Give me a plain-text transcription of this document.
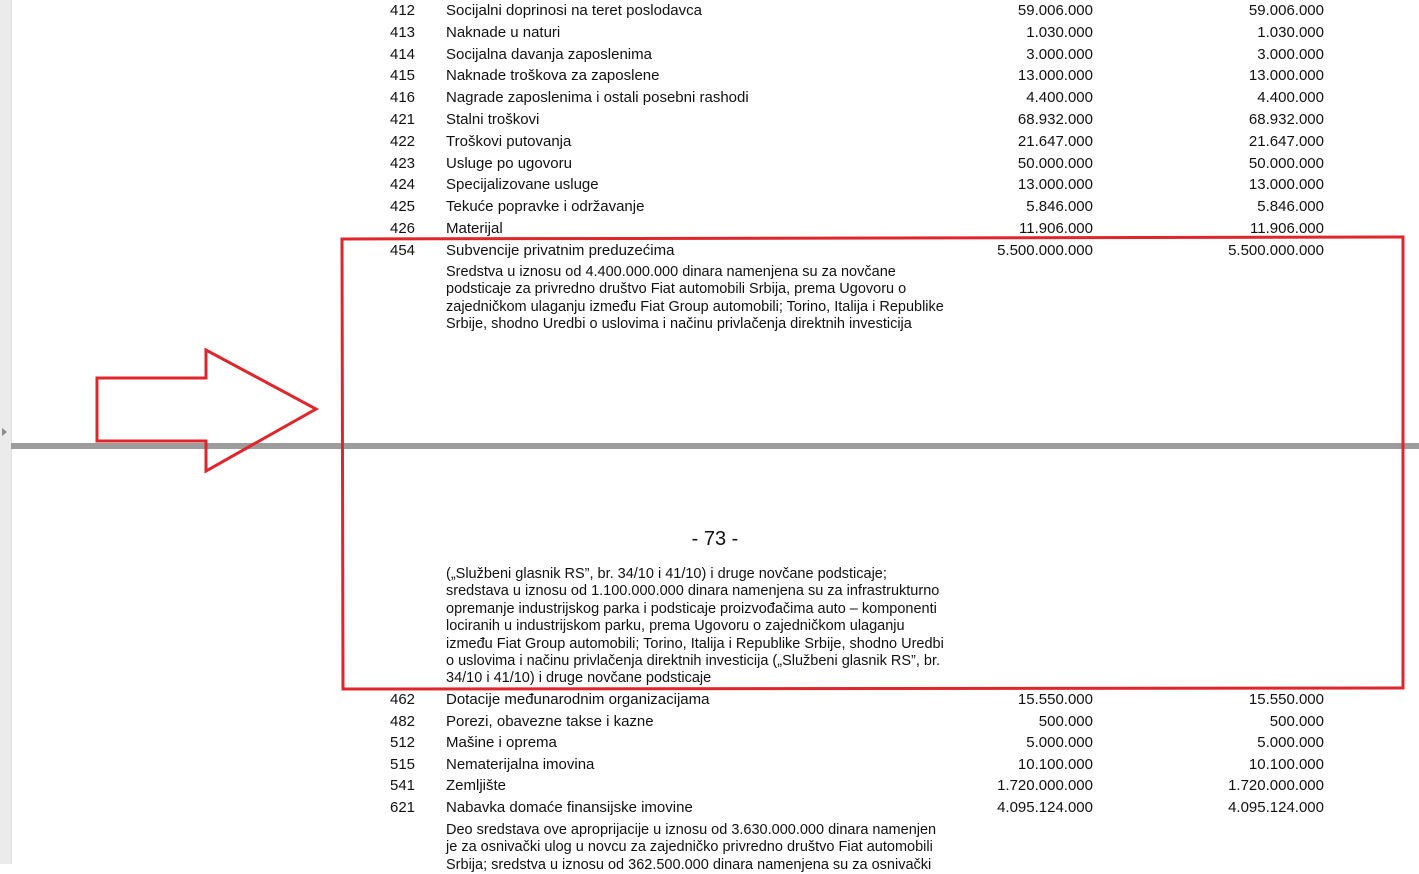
412	Socijalni doprinosi na teret poslodavca	59.006.000	59.006.000
413	Naknade u naturi	1.030.000	1.030.000
414	Socijalna davanja zaposlenima	3.000.000	3.000.000
415	Naknade troškova za zaposlene	13.000.000	13.000.000
416	Nagrade zaposlenima i ostali posebni rashodi	4.400.000	4.400.000
421	Stalni troškovi	68.932.000	68.932.000
422	Troškovi putovanja	21.647.000	21.647.000
423	Usluge po ugovoru	50.000.000	50.000.000
424	Specijalizovane usluge	13.000.000	13.000.000
425	Tekuće popravke i održavanje	5.846.000	5.846.000
426	Materijal	11.906.000	11.906.000
454	Subvencije privatnim preduzećima	5.500.000.000	5.500.000.000
Sredstva u iznosu od 4.400.000.000 dinara namenjena su za novčane
podsticaje za privredno društvo Fiat automobili Srbija, prema Ugovoru o
zajedničkom ulaganju između Fiat Group automobili; Torino, Italija i Republike
Srbije, shodno Uredbi o uslovima i načinu privlačenja direktnih investicija
(„Službeni glasnik RS”, br. 34/10 i 41/10) i druge novčane podsticaje;
sredstava u iznosu od 1.100.000.000 dinara namenjena su za infrastrukturno
opremanje industrijskog parka i podsticaje proizvođačima auto – komponenti
lociranih u industrijskom parku, prema Ugovoru o zajedničkom ulaganju
između Fiat Group automobili; Torino, Italija i Republike Srbije, shodno Uredbi
o uslovima i načinu privlačenja direktnih investicija („Službeni glasnik RS”, br.
34/10 i 41/10) i druge novčane podsticaje
462	Dotacije međunarodnim organizacijama	15.550.000	15.550.000
482	Porezi, obavezne takse i kazne	500.000	500.000
512	Mašine i oprema	5.000.000	5.000.000
515	Nematerijalna imovina	10.100.000	10.100.000
541	Zemljište	1.720.000.000	1.720.000.000
621	Nabavka domaće finansijske imovine	4.095.124.000	4.095.124.000
Deo sredstava ove aproprijacije u iznosu od 3.630.000.000 dinara namenjen
je za osnivački ulog u novcu za zajedničko privredno društvo Fiat automobili
Srbija; sredstva u iznosu od 362.500.000 dinara namenjena su za osnivački
- 73 -
